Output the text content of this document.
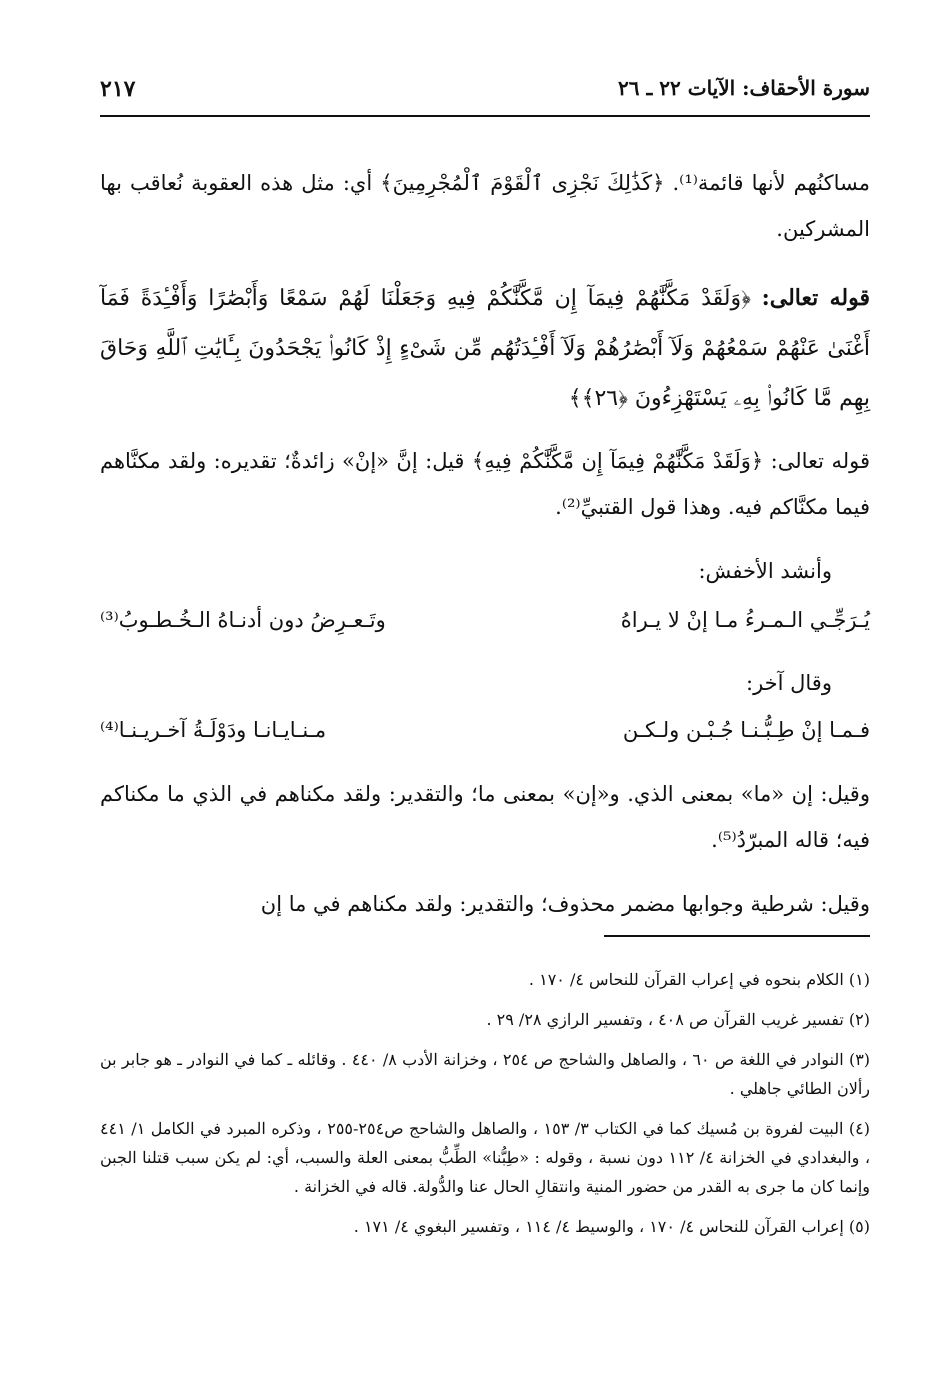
سورة الأحقاف: الآيات ٢٢ ـ ٢٦
٢١٧
مساكنُهم لأنها قائمة⁽¹⁾. ﴿كَذَٰلِكَ نَجْزِى ٱلْقَوْمَ ٱلْمُجْرِمِينَ﴾ أي: مثل هذه العقوبة نُعاقب بها المشركين.
قوله تعالى: ﴿وَلَقَدْ مَكَّنَّٰهُمْ فِيمَآ إِن مَّكَّنَّٰكُمْ فِيهِ وَجَعَلْنَا لَهُمْ سَمْعًا وَأَبْصَٰرًا وَأَفْـِٔدَةً فَمَآ أَغْنَىٰ عَنْهُمْ سَمْعُهُمْ وَلَآ أَبْصَٰرُهُمْ وَلَآ أَفْـِٔدَتُهُم مِّن شَىْءٍ إِذْ كَانُوا۟ يَجْحَدُونَ بِـَٔايَٰتِ ٱللَّهِ وَحَاقَ بِهِم مَّا كَانُوا۟ بِهِۦ يَسْتَهْزِءُونَ ﴿٢٦﴾﴾
قوله تعالى: ﴿وَلَقَدْ مَكَّنَّٰهُمْ فِيمَآ إِن مَّكَّنَّٰكُمْ فِيهِ﴾ قيل: إنَّ «إنْ» زائدةٌ؛ تقديره: ولقد مكنَّاهم فيما مكنَّاكم فيه. وهذا قول القتبيِّ⁽²⁾.
وأنشد الأخفش:
يُـرَجِّـي الـمـرءُ مـا إنْ لا يـراهُ
وتَـعـرِضُ دون أدنـاهُ الـخُـطـوبُ⁽³⁾
وقال آخر:
فـمـا إنْ طِـبُّـنـا جُـبْـن ولـكـن
مـنـايـانـا ودَوْلَـةُ آخـريـنـا⁽⁴⁾
وقيل: إن «ما» بمعنى الذي. و«إن» بمعنى ما؛ والتقدير: ولقد مكناهم في الذي ما مكناكم فيه؛ قاله المبرّدُ⁽⁵⁾.
وقيل: شرطية وجوابها مضمر محذوف؛ والتقدير: ولقد مكناهم في ما إن
(١) الكلام بنحوه في إعراب القرآن للنحاس ٤/ ١٧٠ .
(٢) تفسير غريب القرآن ص ٤٠٨ ، وتفسير الرازي ٢٨/ ٢٩ .
(٣) النوادر في اللغة ص ٦٠ ، والصاهل والشاحج ص ٢٥٤ ، وخزانة الأدب ٨/ ٤٤٠ . وقائله ـ كما في النوادر ـ هو جابر بن رألان الطائي جاهلي .
(٤) البيت لفروة بن مُسيك كما في الكتاب ٣/ ١٥٣ ، والصاهل والشاحج ص٢٥٤-٢٥٥ ، وذكره المبرد في الكامل ١/ ٤٤١ ، والبغدادي في الخزانة ٤/ ١١٢ دون نسبة ، وقوله : «طِبُّنا» الطِّبُّ بمعنى العلة والسبب، أي: لم يكن سبب قتلنا الجبن وإنما كان ما جرى به القدر من حضور المنية وانتقالِ الحال عنا والدُّولة. قاله في الخزانة .
(٥) إعراب القرآن للنحاس ٤/ ١٧٠ ، والوسيط ٤/ ١١٤ ، وتفسير البغوي ٤/ ١٧١ .
